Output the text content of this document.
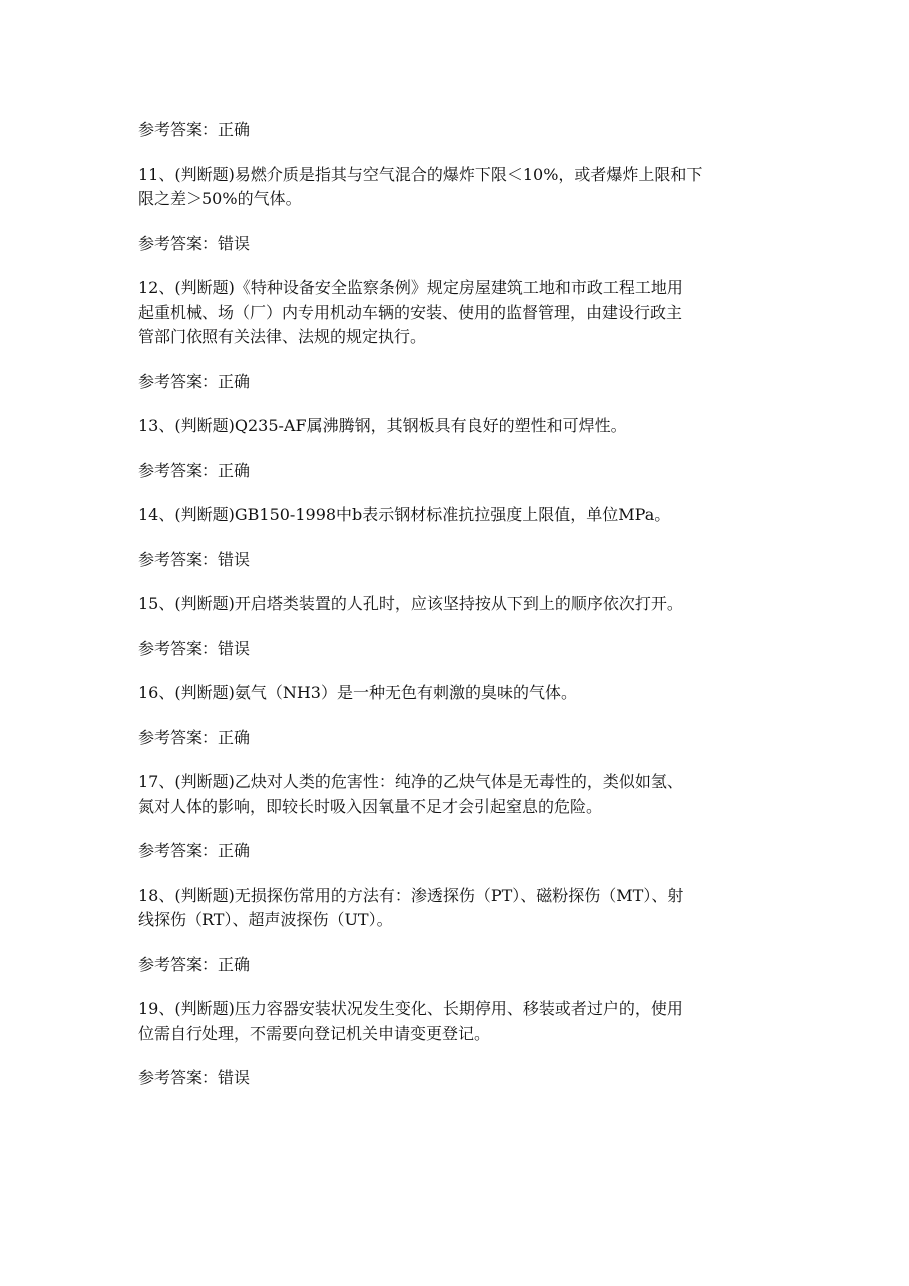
参考答案：正确
11、(判断题)易燃介质是指其与空气混合的爆炸下限＜10%，或者爆炸上限和下
限之差＞50%的气体。
参考答案：错误
12、(判断题)《特种设备安全监察条例》规定房屋建筑工地和市政工程工地用
起重机械、场（厂）内专用机动车辆的安装、使用的监督管理，由建设行政主
管部门依照有关法律、法规的规定执行。
参考答案：正确
13、(判断题)Q235-AF属沸腾钢，其钢板具有良好的塑性和可焊性。
参考答案：正确
14、(判断题)GB150-1998中b表示钢材标准抗拉强度上限值，单位MPa。
参考答案：错误
15、(判断题)开启塔类装置的人孔时，应该坚持按从下到上的顺序依次打开。
参考答案：错误
16、(判断题)氨气（NH3）是一种无色有刺激的臭味的气体。
参考答案：正确
17、(判断题)乙炔对人类的危害性：纯净的乙炔气体是无毒性的，类似如氢、
氮对人体的影响，即较长时吸入因氧量不足才会引起窒息的危险。
参考答案：正确
18、(判断题)无损探伤常用的方法有：渗透探伤（PT）、磁粉探伤（MT）、射
线探伤（RT）、超声波探伤（UT）。
参考答案：正确
19、(判断题)压力容器安装状况发生变化、长期停用、移装或者过户的，使用
位需自行处理，不需要向登记机关申请变更登记。
参考答案：错误
